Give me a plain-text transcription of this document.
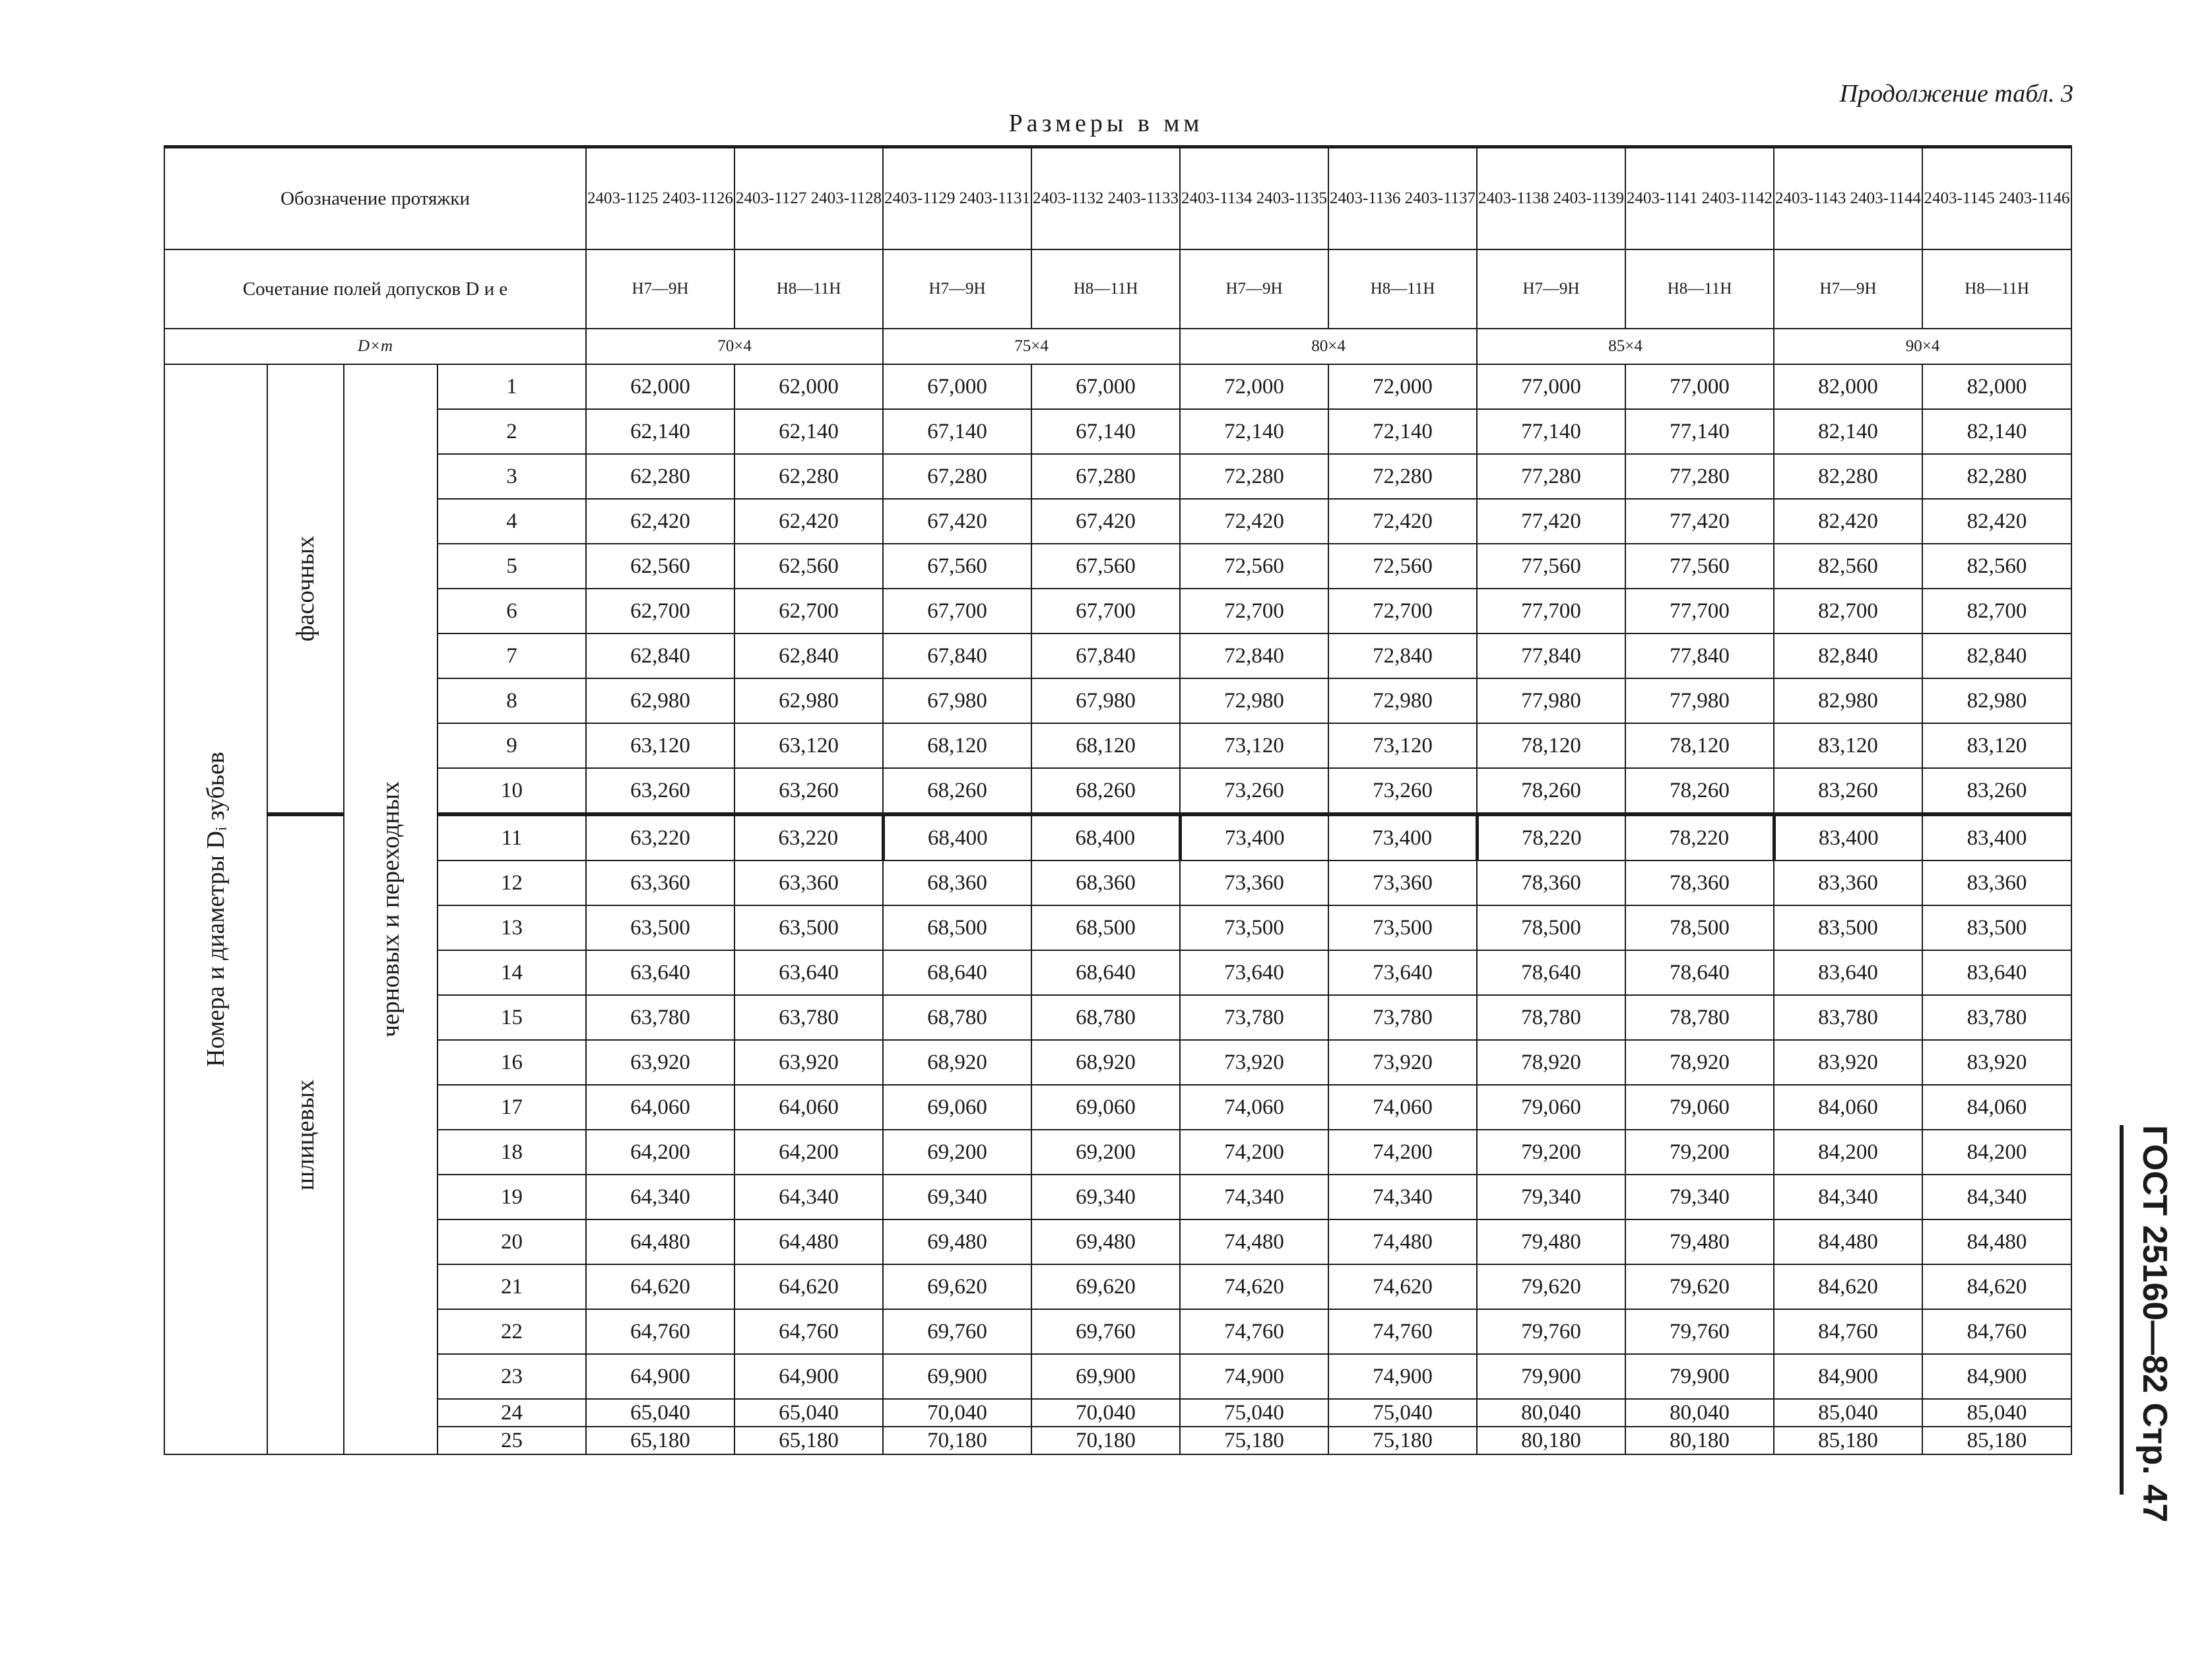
Продолжение табл. 3
Размеры в мм
ГОСТ 25160—82 Стр. 47
Обозначение протяжки				2403-1125 2403-1126	2403-1127 2403-1128	2403-1129 2403-1131	2403-1132 2403-1133	2403-1134 2403-1135	2403-1136 2403-1137	2403-1138 2403-1139	2403-1141 2403-1142	2403-1143 2403-1144	2403-1145 2403-1146
Сочетание полей допусков D и e				H7—9H	H8—11H	H7—9H	H8—11H	H7—9H	H8—11H	H7—9H	H8—11H	H7—9H	H8—11H
D×m				70×4		75×4		80×4		85×4		90×4	

Номера и диаметры Dᵢ зубьев	фасочных	черновых и переходных	1	62,000	62,000	67,000	67,000	72,000	72,000	77,000	77,000	82,000	82,000
			2	62,140	62,140	67,140	67,140	72,140	72,140	77,140	77,140	82,140	82,140
			3	62,280	62,280	67,280	67,280	72,280	72,280	77,280	77,280	82,280	82,280
			4	62,420	62,420	67,420	67,420	72,420	72,420	77,420	77,420	82,420	82,420
			5	62,560	62,560	67,560	67,560	72,560	72,560	77,560	77,560	82,560	82,560
			6	62,700	62,700	67,700	67,700	72,700	72,700	77,700	77,700	82,700	82,700
			7	62,840	62,840	67,840	67,840	72,840	72,840	77,840	77,840	82,840	82,840
			8	62,980	62,980	67,980	67,980	72,980	72,980	77,980	77,980	82,980	82,980
			9	63,120	63,120	68,120	68,120	73,120	73,120	78,120	78,120	83,120	83,120
			10	63,260	63,260	68,260	68,260	73,260	73,260	78,260	78,260	83,260	83,260

	шлицевых		11	63,220	63,220	68,400	68,400	73,400	73,400	78,220	78,220	83,400	83,400
			12	63,360	63,360	68,360	68,360	73,360	73,360	78,360	78,360	83,360	83,360
			13	63,500	63,500	68,500	68,500	73,500	73,500	78,500	78,500	83,500	83,500
			14	63,640	63,640	68,640	68,640	73,640	73,640	78,640	78,640	83,640	83,640
			15	63,780	63,780	68,780	68,780	73,780	73,780	78,780	78,780	83,780	83,780
			16	63,920	63,920	68,920	68,920	73,920	73,920	78,920	78,920	83,920	83,920
			17	64,060	64,060	69,060	69,060	74,060	74,060	79,060	79,060	84,060	84,060
			18	64,200	64,200	69,200	69,200	74,200	74,200	79,200	79,200	84,200	84,200
			19	64,340	64,340	69,340	69,340	74,340	74,340	79,340	79,340	84,340	84,340
			20	64,480	64,480	69,480	69,480	74,480	74,480	79,480	79,480	84,480	84,480
			21	64,620	64,620	69,620	69,620	74,620	74,620	79,620	79,620	84,620	84,620
			22	64,760	64,760	69,760	69,760	74,760	74,760	79,760	79,760	84,760	84,760
			23	64,900	64,900	69,900	69,900	74,900	74,900	79,900	79,900	84,900	84,900
			24	65,040	65,040	70,040	70,040	75,040	75,040	80,040	80,040	85,040	85,040
			25	65,180	65,180	70,180	70,180	75,180	75,180	80,180	80,180	85,180	85,180
